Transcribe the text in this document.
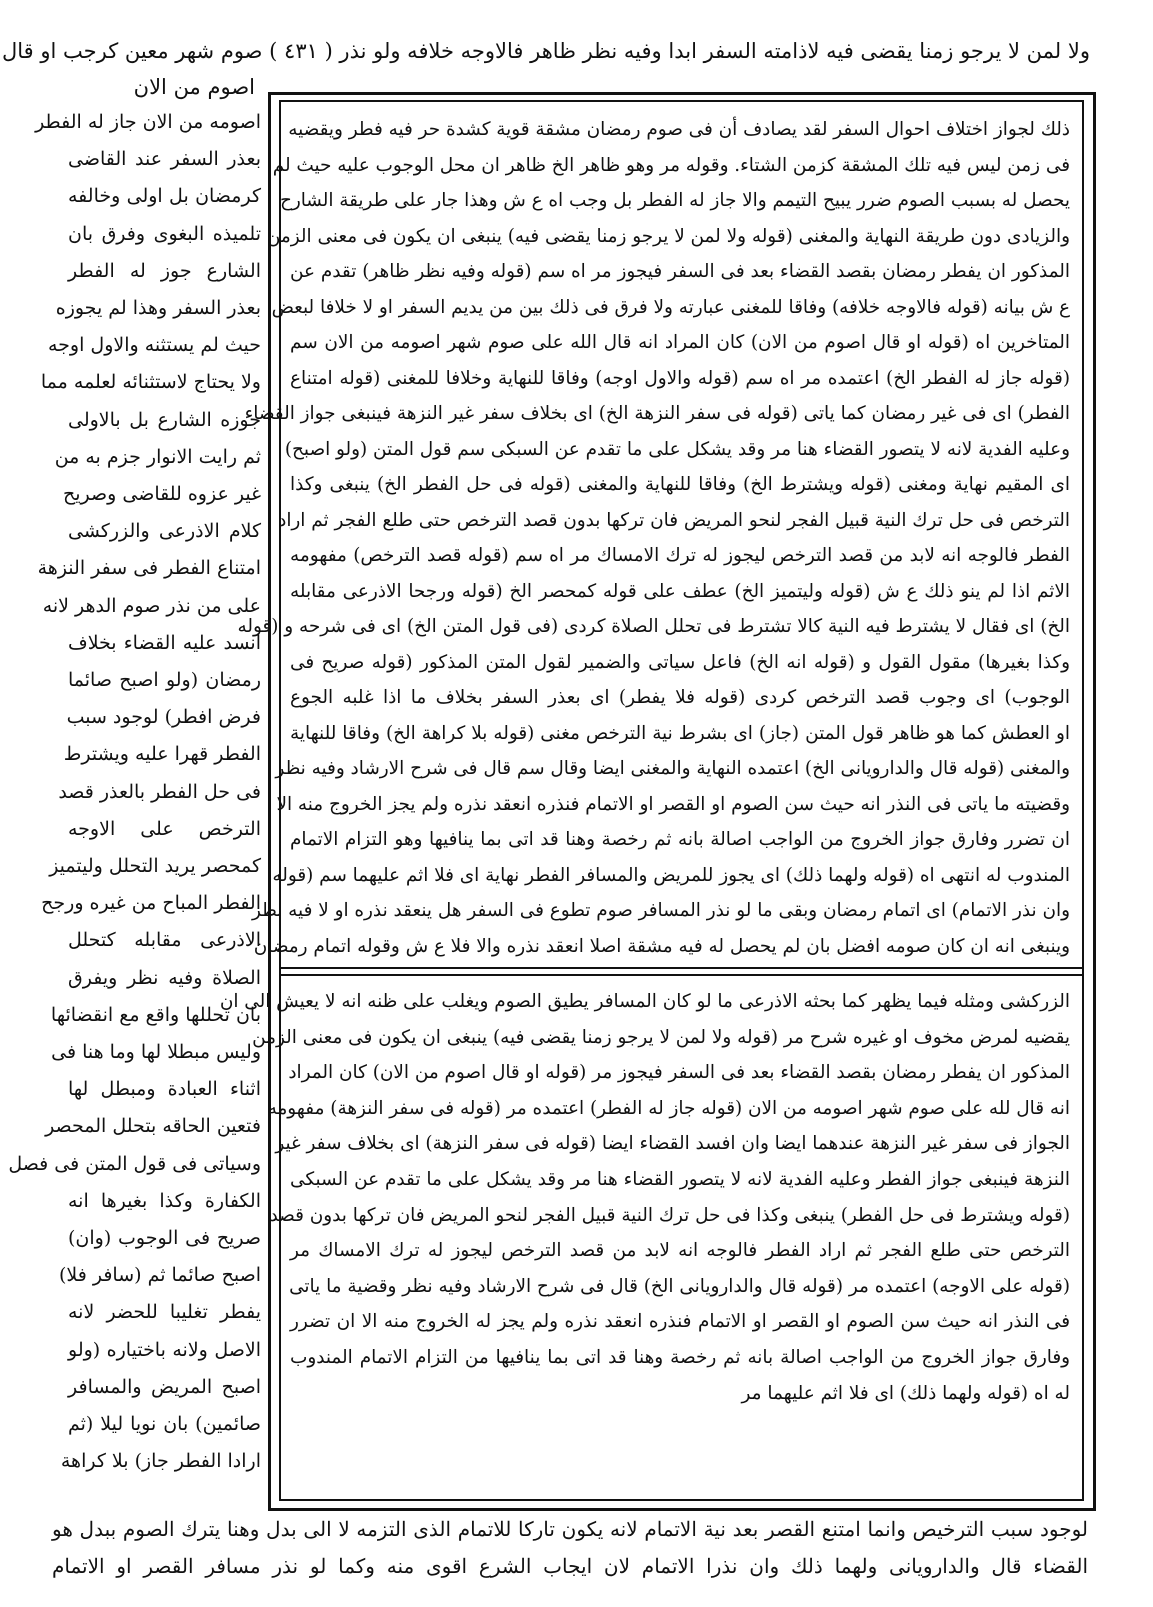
ولا لمن لا يرجو زمنا يقضى فيه لاذامته السفر ابدا وفيه نظر ظاهر فالاوجه خلافه ولو نذر ( ٤٣١ ) صوم شهر معين كرجب او قال
اصوم من الان
ذلك لجواز اختلاف احوال السفر لقد يصادف أن فى صوم رمضان مشقة قوية كشدة حر فيه فطر ويقضيه
فى زمن ليس فيه تلك المشقة كزمن الشتاء. وقوله مر وهو ظاهر الخ ظاهر ان محل الوجوب عليه حيث لم
يحصل له بسبب الصوم ضرر يبيح التيمم والا جاز له الفطر بل وجب اه ع ش وهذا جار على طريقة الشارح
والزيادى دون طريقة النهاية والمغنى (قوله ولا لمن لا يرجو زمنا يقضى فيه) ينبغى ان يكون فى معنى الزمن
المذكور ان يفطر رمضان بقصد القضاء بعد فى السفر فيجوز مر اه سم (قوله وفيه نظر ظاهر) تقدم عن
ع ش بيانه (قوله فالاوجه خلافه) وفاقا للمغنى عبارته ولا فرق فى ذلك بين من يديم السفر او لا خلافا لبعض
المتاخرين اه (قوله او قال اصوم من الان) كان المراد انه قال الله على صوم شهر اصومه من الان سم
(قوله جاز له الفطر الخ) اعتمده مر اه سم (قوله والاول اوجه) وفاقا للنهاية وخلافا للمغنى (قوله امتناع
الفطر) اى فى غير رمضان كما ياتى (قوله فى سفر النزهة الخ) اى بخلاف سفر غير النزهة فينبغى جواز القضاء
وعليه الفدية لانه لا يتصور القضاء هنا مر وقد يشكل على ما تقدم عن السبكى سم قول المتن (ولو اصبح)
اى المقيم نهاية ومغنى (قوله ويشترط الخ) وفاقا للنهاية والمغنى (قوله فى حل الفطر الخ) ينبغى وكذا
الترخص فى حل ترك النية قبيل الفجر لنحو المريض فان تركها بدون قصد الترخص حتى طلع الفجر ثم اراد
الفطر فالوجه انه لابد من قصد الترخص ليجوز له ترك الامساك مر اه سم (قوله قصد الترخص) مفهومه
الاثم اذا لم ينو ذلك ع ش (قوله وليتميز الخ) عطف على قوله كمحصر الخ (قوله ورجحا الاذرعى مقابله
الخ) اى فقال لا يشترط فيه النية كالا تشترط فى تحلل الصلاة كردى (فى قول المتن الخ) اى فى شرحه و (قوله
وكذا بغيرها) مقول القول و (قوله انه الخ) فاعل سياتى والضمير لقول المتن المذكور (قوله صريح فى
الوجوب) اى وجوب قصد الترخص كردى (قوله فلا يفطر) اى بعذر السفر بخلاف ما اذا غلبه الجوع
او العطش كما هو ظاهر قول المتن (جاز) اى بشرط نية الترخص مغنى (قوله بلا كراهة الخ) وفاقا للنهاية
والمغنى (قوله قال والدارويانى الخ) اعتمده النهاية والمغنى ايضا وقال سم قال فى شرح الارشاد وفيه نظر
وقضيته ما ياتى فى النذر انه حيث سن الصوم او القصر او الاتمام فنذره انعقد نذره ولم يجز الخروج منه الا
ان تضرر وفارق جواز الخروج من الواجب اصالة بانه ثم رخصة وهنا قد اتى بما ينافيها وهو التزام الاتمام
المندوب له انتهى اه (قوله ولهما ذلك) اى يجوز للمريض والمسافر الفطر نهاية اى فلا اثم عليهما سم (قوله
وان نذر الاتمام) اى اتمام رمضان وبقى ما لو نذر المسافر صوم تطوع فى السفر هل ينعقد نذره او لا فيه نظر
وينبغى انه ان كان صومه افضل بان لم يحصل له فيه مشقة اصلا انعقد نذره والا فلا ع ش وقوله اتمام رمضان
الزركشى ومثله فيما يظهر كما بحثه الاذرعى ما لو كان المسافر يطيق الصوم ويغلب على ظنه انه لا يعيش الى ان
يقضيه لمرض مخوف او غيره شرح مر (قوله ولا لمن لا يرجو زمنا يقضى فيه) ينبغى ان يكون فى معنى الزمن
المذكور ان يفطر رمضان بقصد القضاء بعد فى السفر فيجوز مر (قوله او قال اصوم من الان) كان المراد
انه قال لله على صوم شهر اصومه من الان (قوله جاز له الفطر) اعتمده مر (قوله فى سفر النزهة) مفهومه
الجواز فى سفر غير النزهة عندهما ايضا وان افسد القضاء ايضا (قوله فى سفر النزهة) اى بخلاف سفر غير
النزهة فينبغى جواز الفطر وعليه الفدية لانه لا يتصور القضاء هنا مر وقد يشكل على ما تقدم عن السبكى
(قوله ويشترط فى حل الفطر) ينبغى وكذا فى حل ترك النية قبيل الفجر لنحو المريض فان تركها بدون قصد
الترخص حتى طلع الفجر ثم اراد الفطر فالوجه انه لابد من قصد الترخص ليجوز له ترك الامساك مر
(قوله على الاوجه) اعتمده مر (قوله قال والدارويانى الخ) قال فى شرح الارشاد وفيه نظر وقضية ما ياتى
فى النذر انه حيث سن الصوم او القصر او الاتمام فنذره انعقد نذره ولم يجز له الخروج منه الا ان تضرر
وفارق جواز الخروج من الواجب اصالة بانه ثم رخصة وهنا قد اتى بما ينافيها من التزام الاتمام المندوب
له اه (قوله ولهما ذلك) اى فلا اثم عليهما مر
اصومه من الان جاز له الفطر
بعذر السفر عند القاضى
كرمضان بل اولى وخالفه
تلميذه البغوى وفرق بان
الشارع جوز له الفطر
بعذر السفر وهذا لم يجوزه
حيث لم يستثنه والاول اوجه
ولا يحتاج لاستثنائه لعلمه مما
جوزه الشارع بل بالاولى
ثم رايت الانوار جزم به من
غير عزوه للقاضى وصريح
كلام الاذرعى والزركشى
امتناع الفطر فى سفر النزهة
على من نذر صوم الدهر لانه
انسد عليه القضاء بخلاف
رمضان (ولو اصبح صائما
فرض افطر) لوجود سبب
الفطر قهرا عليه ويشترط
فى حل الفطر بالعذر قصد
الترخص على الاوجه
كمحصر يريد التحلل وليتميز
الفطر المباح من غيره ورجح
الاذرعى مقابله كتحلل
الصلاة وفيه نظر ويفرق
بان تحللها واقع مع انقضائها
وليس مبطلا لها وما هنا فى
اثناء العبادة ومبطل لها
فتعين الحاقه بتحلل المحصر
وسياتى فى قول المتن فى فصل
الكفارة وكذا بغيرها انه
صريح فى الوجوب (وان)
اصبح صائما ثم (سافر فلا)
يفطر تغليبا للحضر لانه
الاصل ولانه باختياره (ولو
اصبح المريض والمسافر
صائمين) بان نويا ليلا (ثم
ارادا الفطر جاز) بلا كراهة
لوجود سبب الترخيص وانما امتنع القصر بعد نية الاتمام لانه يكون تاركا للاتمام الذى التزمه لا الى بدل وهنا يترك الصوم ببدل هو
القضاء قال والدارويانى ولهما ذلك وان نذرا الاتمام لان ايجاب الشرع اقوى منه وكما لو نذر مسافر القصر او الاتمام
